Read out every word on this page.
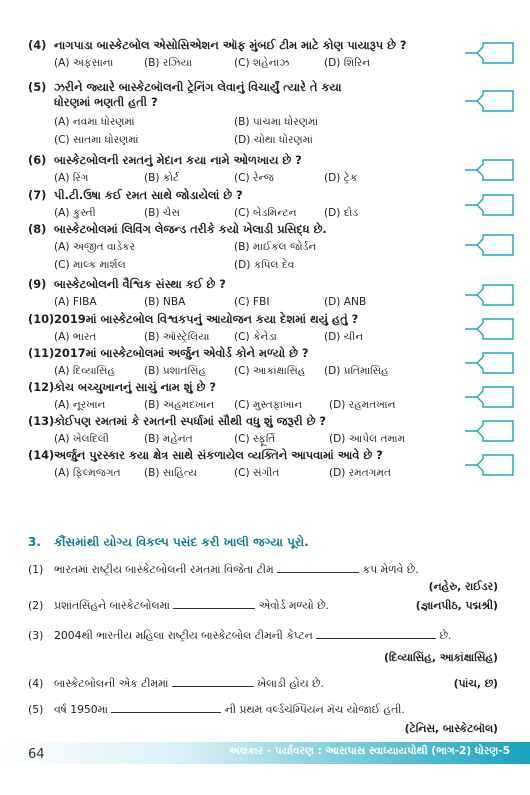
(4) નાગપાડા બાસ્કેટબોલ એસોસિએશન ઑફ મુંબઈ ટીમ માટે કોણ પાયારૂપ છે ?
(A) અફસાના	(B) રઝિયા	(C) શહેનાઝ	(D) શિરિન
(5) ઝરીને જ્યારે બાસ્કેટબૉલની ટ્રેનિંગ લેવાનું વિચાર્યું ત્યારે તે કયા ધોરણમાં ભણતી હતી ?
(A) નવમા ધોરણમાં	(B) પાંચમા ધોરણમાં
(C) સાતમા ધોરણમાં	(D) ચોથા ધોરણમાં
(6) બાસ્કેટબોલની રમતનું મેદાન કયા નામે ઓળખાય છે ?
(A) રિંગ	(B) કોર્ટ	(C) રેન્જ	(D) ટ્રેક
(7) પી.ટી.ઉષા કઈ રમત સાથે જોડાયેલાં છે ?
(A) કુસ્તી	(B) ચેસ	(C) બેડમિન્ટન	(D) દોડ
(8) બાસ્કેટબોલમાં લિવિંગ લેજન્ડ તરીકે કયો ખેલાડી પ્રસિદ્ધ છે.
(A) અજીત વાડેકર	(B) માઈકલ જોર્ડન
(C) માલ્ક માર્શલ	(D) કપિલ દેવ
(9) બાસ્કેટબોલની વૈશ્વિક સંસ્થા કઈ છે ?
(A) FIBA	(B) NBA	(C) FBI	(D) ANB
(10) 2019માં બાસ્કેટબોલ વિશ્વકપનું આયોજન કયા દેશમાં થયું હતું ?
(A) ભારત	(B) ઑસ્ટ્રેલિયા (C) કેનેડા	(D) ચીન
(11) 2017માં બાસ્કેટબોલમાં અર્જુન એવોર્ડ કોને મળ્યો છે ?
(A) દિવ્યાસિંહ	(B) પ્રશાંતસિંહ	(C) આકાંક્ષાસિંહ (D) પ્રતિમાસિંહ
(12) કોચ બચ્ચુખાનનું સાચું નામ શું છે ?
(A) નૂરખાન	(B) અહમદખાન (C) મુસ્તફાખાન	(D) રહમતખાન
(13) કોઈપણ રમતમાં કે રમતની સ્પર્ધામાં સૌથી વધુ શું જરૂરી છે ?
(A) ખેલદિલી	(B) મહેનત	(C) સ્ફૂર્તિ	(D) આપેલ તમામ
(14) અર્જુન પુરસ્કાર કયા ક્ષેત્ર સાથે સંકળાયેલ વ્યક્તિને આપવામાં આવે છે ?
(A) ફિલ્મજગત (B) સાહિત્ય	(C) સંગીત	(D) રમતગમત
3.	કૌંસમાંથી યોગ્ય વિકલ્પ પસંદ કરી ખાલી જગ્યા પૂરો.
(1) ભારતમાં રાષ્ટ્રીય બાસ્કેટબોલની રમતમાં વિજેતા ટીમ	કપ મેળવે છે.
(નહેરુ, રાઈડર)
(2) પ્રશાંતસિંહને બાસ્કેટબોલમાં	એવોર્ડ મળ્યો છે.	(જ્ઞાનપીઠ, પદ્મશ્રી)
(3) 2004થી ભારતીય મહિલા રાષ્ટ્રીય બાસ્કેટબોલ ટીમની કેપ્ટન	છે.
(દિવ્યાસિંહ, આકાંક્ષાસિંહ)
(4) બાસ્કેટબોલની એક ટીમમાં	ખેલાડી હોય છે.	(પાંચ, છ)
(5) વર્ષ 1950માં	ની પ્રથમ વર્લ્ડચૅમ્પિયન મૅચ યોજાઈ હતી.
(ટેનિસ, બાસ્કેટબૉલ)
64	અલંકાર - પર્યાવરણ : આસપાસ સ્વાધ્યાયપોથી (ભાગ-2) ધોરણ-5
